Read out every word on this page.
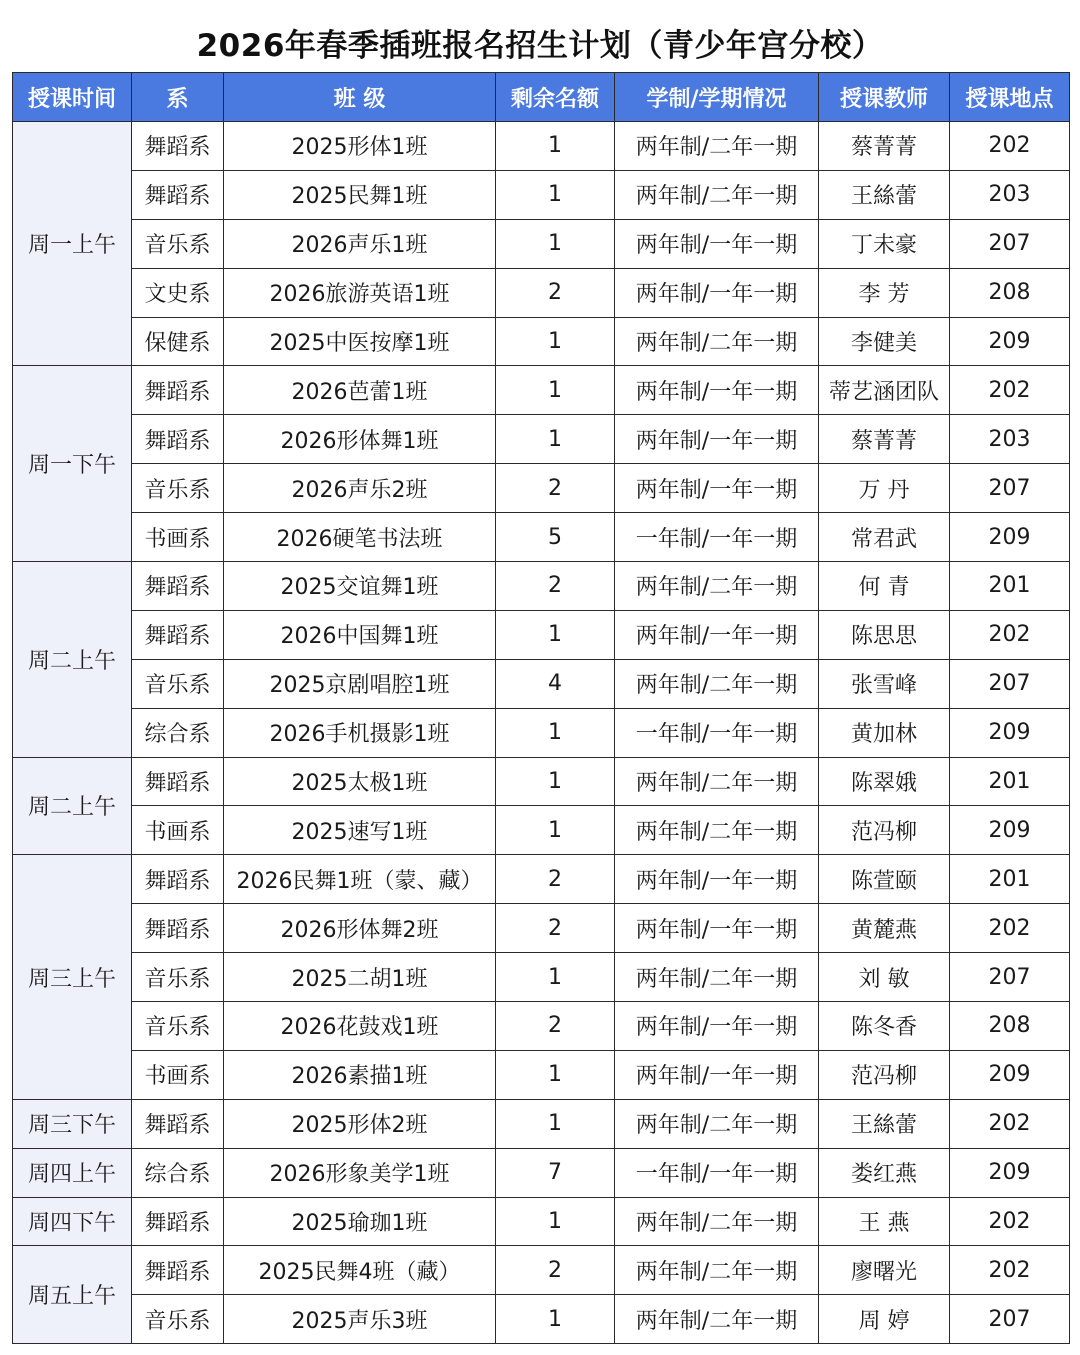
2026年春季插班报名招生计划（青少年宫分校）
授课时间	系	班 级	剩余名额	学制/学期情况	授课教师	授课地点
周一上午	舞蹈系	2025形体1班	1	两年制/二年一期	蔡菁菁	202
	舞蹈系	2025民舞1班	1	两年制/二年一期	王絲蕾	203
	音乐系	2026声乐1班	1	两年制/一年一期	丁未豪	207
	文史系	2026旅游英语1班	2	两年制/一年一期	李 芳	208
	保健系	2025中医按摩1班	1	两年制/二年一期	李健美	209
周一下午	舞蹈系	2026芭蕾1班	1	两年制/一年一期	蒂艺涵团队	202
	舞蹈系	2026形体舞1班	1	两年制/一年一期	蔡菁菁	203
	音乐系	2026声乐2班	2	两年制/一年一期	万 丹	207
	书画系	2026硬笔书法班	5	一年制/一年一期	常君武	209
周二上午	舞蹈系	2025交谊舞1班	2	两年制/二年一期	何 青	201
	舞蹈系	2026中国舞1班	1	两年制/一年一期	陈思思	202
	音乐系	2025京剧唱腔1班	4	两年制/二年一期	张雪峰	207
	综合系	2026手机摄影1班	1	一年制/一年一期	黄加林	209
周二上午	舞蹈系	2025太极1班	1	两年制/二年一期	陈翠娥	201
	书画系	2025速写1班	1	两年制/二年一期	范冯柳	209
周三上午	舞蹈系	2026民舞1班（蒙、藏）	2	两年制/一年一期	陈萱颐	201
	舞蹈系	2026形体舞2班	2	两年制/一年一期	黄麓燕	202
	音乐系	2025二胡1班	1	两年制/二年一期	刘 敏	207
	音乐系	2026花鼓戏1班	2	两年制/一年一期	陈冬香	208
	书画系	2026素描1班	1	两年制/一年一期	范冯柳	209
周三下午	舞蹈系	2025形体2班	1	两年制/二年一期	王絲蕾	202
周四上午	综合系	2026形象美学1班	7	一年制/一年一期	娄红燕	209
周四下午	舞蹈系	2025瑜珈1班	1	两年制/二年一期	王 燕	202
周五上午	舞蹈系	2025民舞4班（藏）	2	两年制/二年一期	廖曙光	202
	音乐系	2025声乐3班	1	两年制/二年一期	周 婷	207
